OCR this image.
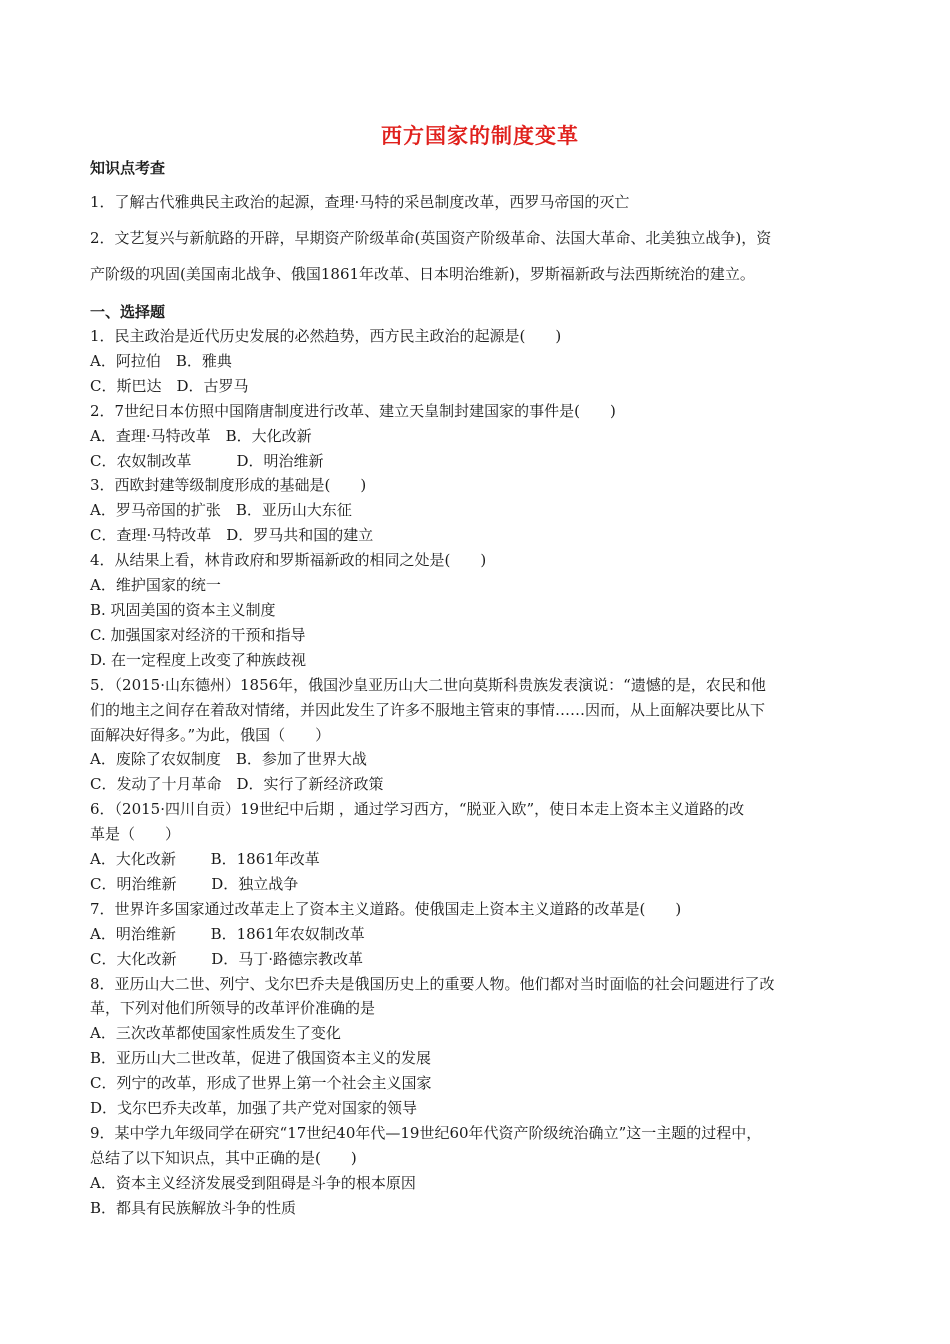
西方国家的制度变革
知识点考查

1．了解古代雅典民主政治的起源，查理·马特的采邑制度改革，西罗马帝国的灭亡

2．文艺复兴与新航路的开辟，早期资产阶级革命(英国资产阶级革命、法国大革命、北美独立战争)，资

产阶级的巩固(美国南北战争、俄国1861年改革、日本明治维新)，罗斯福新政与法西斯统治的建立。

一、选择题

1．民主政治是近代历史发展的必然趋势，西方民主政治的起源是(　　)

A．阿拉伯　B．雅典

C．斯巴达　D．古罗马

2．7世纪日本仿照中国隋唐制度进行改革、建立天皇制封建国家的事件是(　　)

A．查理·马特改革　B．大化改新

C．农奴制改革　　　D．明治维新

3．西欧封建等级制度形成的基础是(　　)

A．罗马帝国的扩张　B．亚历山大东征

C．查理·马特改革　D．罗马共和国的建立

4．从结果上看，林肯政府和罗斯福新政的相同之处是(　　)

A．维护国家的统一

B. 巩固美国的资本主义制度

C. 加强国家对经济的干预和指导

D. 在一定程度上改变了种族歧视

5．（2015·山东德州）1856年，俄国沙皇亚历山大二世向莫斯科贵族发表演说：“遗憾的是，农民和他

们的地主之间存在着敌对情绪，并因此发生了许多不服地主管束的事情……因而，从上面解决要比从下

面解决好得多。”为此，俄国（　　）

A．废除了农奴制度　B．参加了世界大战

C．发动了十月革命　D．实行了新经济政策

6．（2015·四川自贡）19世纪中后期 ，通过学习西方，“脱亚入欧”，使日本走上资本主义道路的改

革是（　　）

A．大化改新　　 B．1861年改革

C．明治维新　　 D．独立战争

7．世界许多国家通过改革走上了资本主义道路。使俄国走上资本主义道路的改革是(　　)

A．明治维新　　 B．1861年农奴制改革

C．大化改新　　 D．马丁·路德宗教改革

8．亚历山大二世、列宁、戈尔巴乔夫是俄国历史上的重要人物。他们都对当时面临的社会问题进行了改

革，下列对他们所领导的改革评价准确的是

A．三次改革都使国家性质发生了变化

B．亚历山大二世改革，促进了俄国资本主义的发展

C．列宁的改革，形成了世界上第一个社会主义国家

D．戈尔巴乔夫改革，加强了共产党对国家的领导

9．某中学九年级同学在研究“17世纪40年代—19世纪60年代资产阶级统治确立”这一主题的过程中，

总结了以下知识点，其中正确的是(　　)

A．资本主义经济发展受到阻碍是斗争的根本原因

B．都具有民族解放斗争的性质
